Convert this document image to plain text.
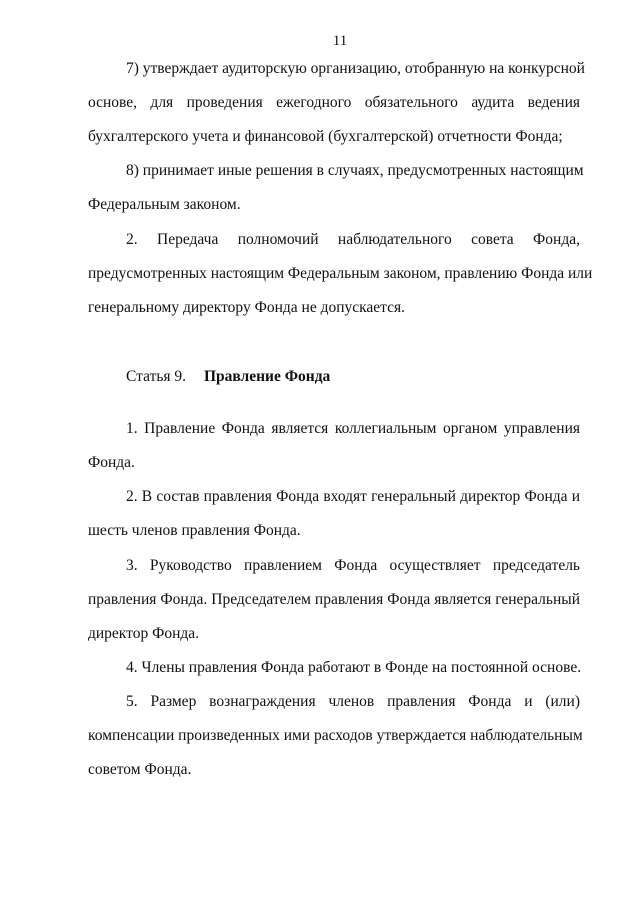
11
7) утверждает аудиторскую организацию, отобранную на конкурсной
основе, для проведения ежегодного обязательного аудита ведения
бухгалтерского учета и финансовой (бухгалтерской) отчетности Фонда;
8) принимает иные решения в случаях, предусмотренных настоящим
Федеральным законом.
2. Передача полномочий наблюдательного совета Фонда,
предусмотренных настоящим Федеральным законом, правлению Фонда или
генеральному директору Фонда не допускается.
Статья 9. Правление Фонда
1. Правление Фонда является коллегиальным органом управления
Фонда.
2. В состав правления Фонда входят генеральный директор Фонда и
шесть членов правления Фонда.
3. Руководство правлением Фонда осуществляет председатель
правления Фонда. Председателем правления Фонда является генеральный
директор Фонда.
4. Члены правления Фонда работают в Фонде на постоянной основе.
5. Размер вознаграждения членов правления Фонда и (или)
компенсации произведенных ими расходов утверждается наблюдательным
советом Фонда.
